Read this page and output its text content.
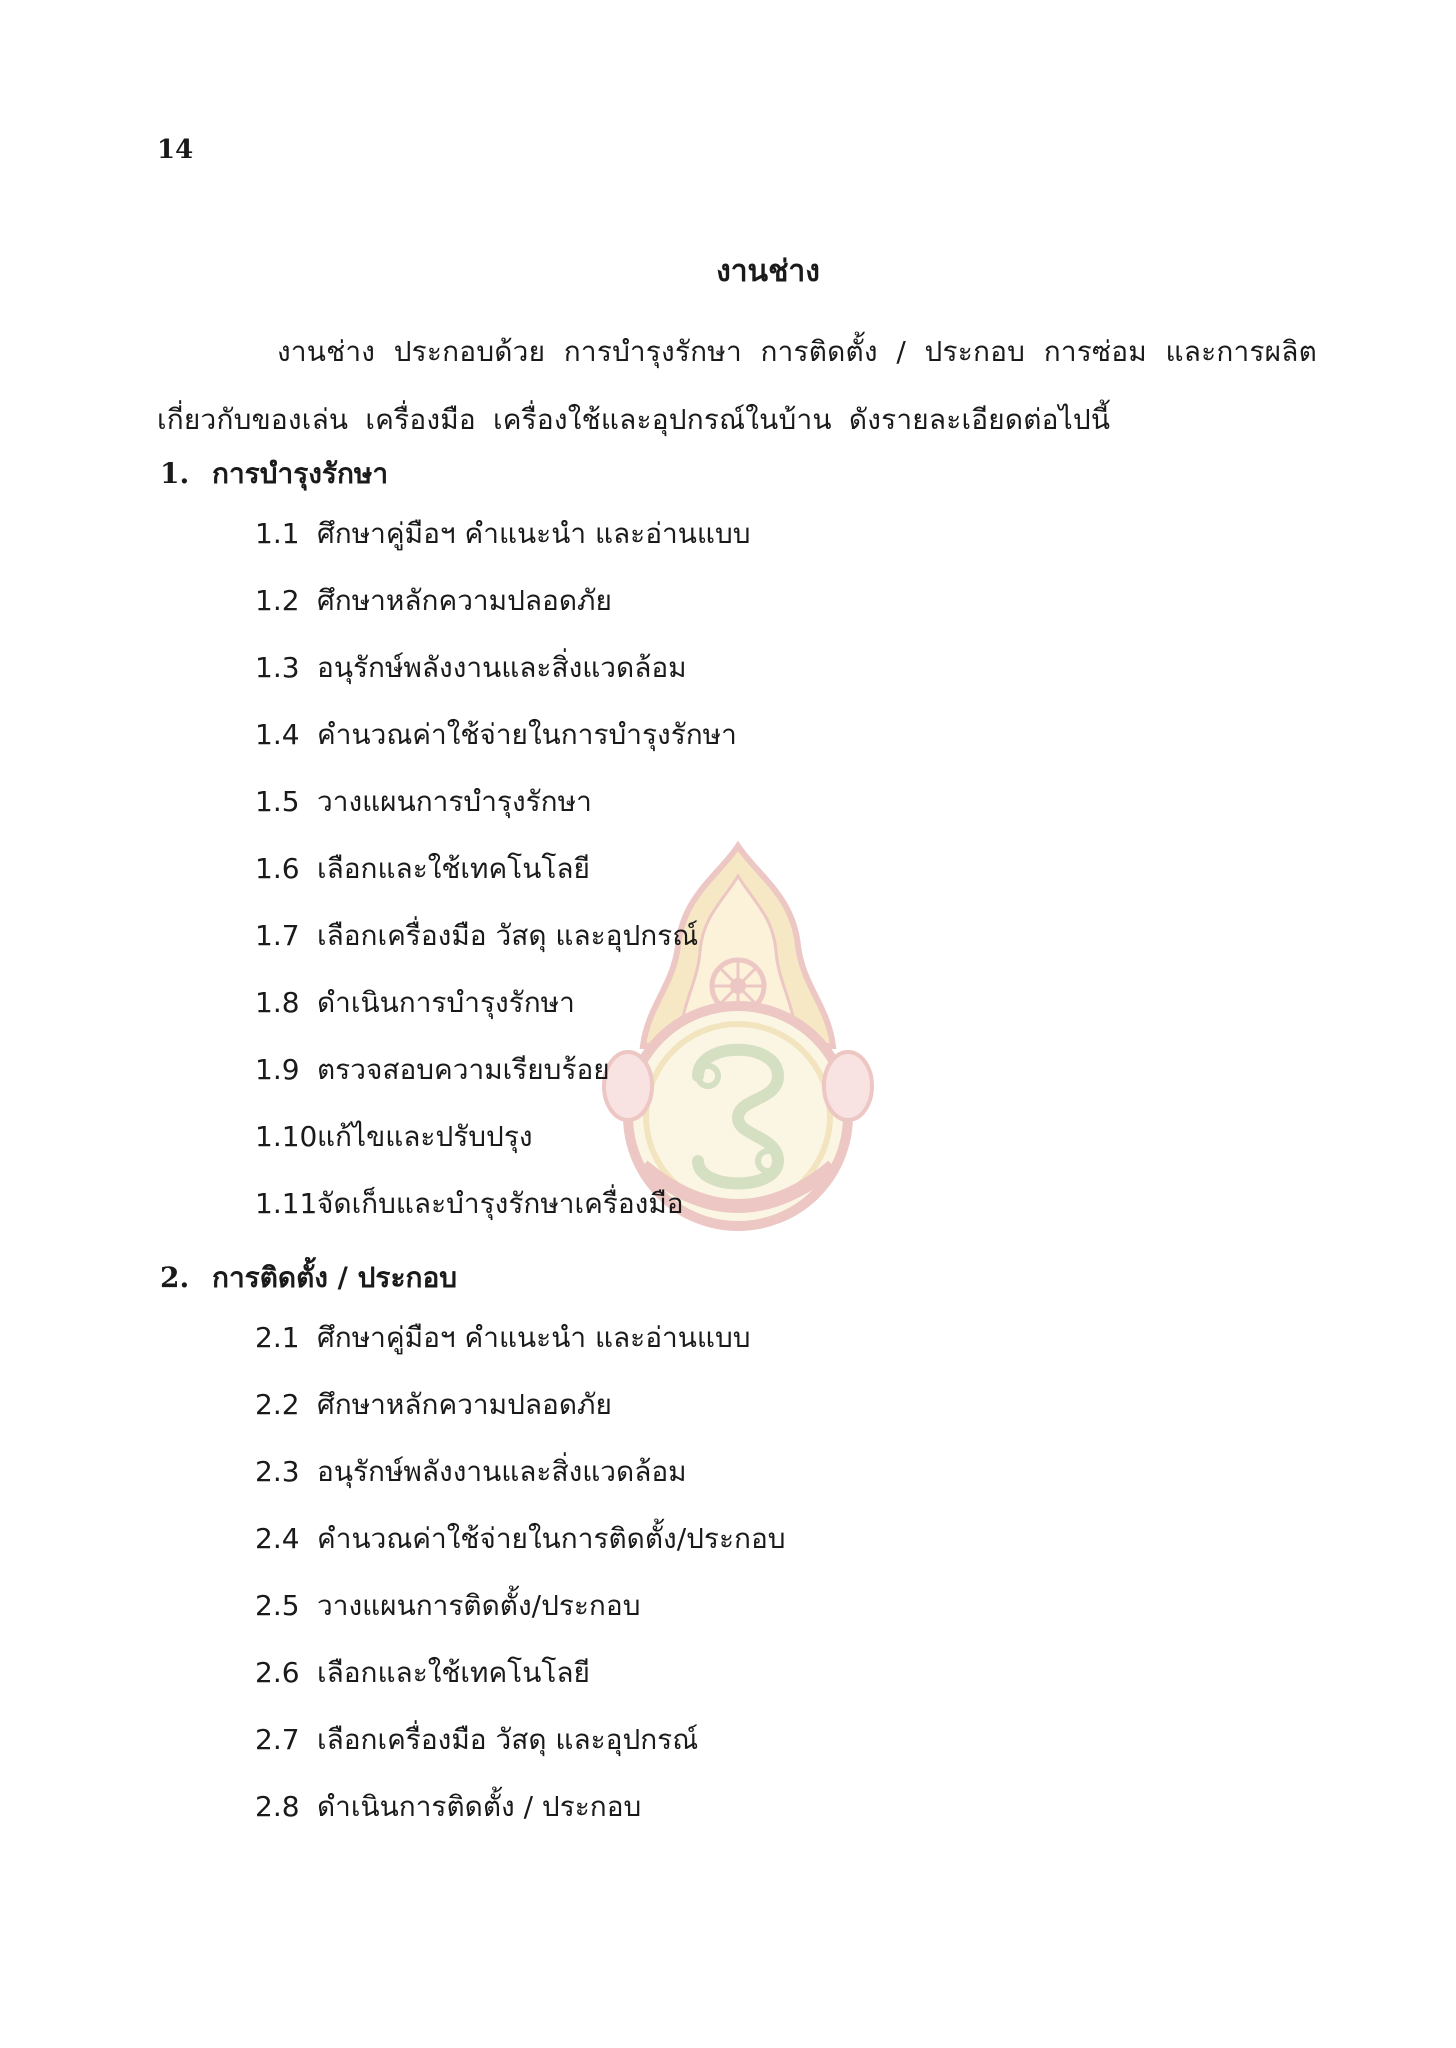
14
งานช่าง

งานช่าง ประกอบด้วย การบำรุงรักษา การติดตั้ง / ประกอบ การซ่อม และการผลิต เกี่ยวกับของเล่น เครื่องมือ เครื่องใช้และอุปกรณ์ในบ้าน ดังรายละเอียดต่อไปนี้

1. การบำรุงรักษา
1.1 ศึกษาคู่มือฯ คำแนะนำ และอ่านแบบ
1.2 ศึกษาหลักความปลอดภัย
1.3 อนุรักษ์พลังงานและสิ่งแวดล้อม
1.4 คำนวณค่าใช้จ่ายในการบำรุงรักษา
1.5 วางแผนการบำรุงรักษา
1.6 เลือกและใช้เทคโนโลยี
1.7 เลือกเครื่องมือ วัสดุ และอุปกรณ์
1.8 ดำเนินการบำรุงรักษา
1.9 ตรวจสอบความเรียบร้อย
1.10 แก้ไขและปรับปรุง
1.11 จัดเก็บและบำรุงรักษาเครื่องมือ
2. การติดตั้ง / ประกอบ
2.1 ศึกษาคู่มือฯ คำแนะนำ และอ่านแบบ
2.2 ศึกษาหลักความปลอดภัย
2.3 อนุรักษ์พลังงานและสิ่งแวดล้อม
2.4 คำนวณค่าใช้จ่ายในการติดตั้ง/ประกอบ
2.5 วางแผนการติดตั้ง/ประกอบ
2.6 เลือกและใช้เทคโนโลยี
2.7 เลือกเครื่องมือ วัสดุ และอุปกรณ์
2.8 ดำเนินการติดตั้ง / ประกอบ
